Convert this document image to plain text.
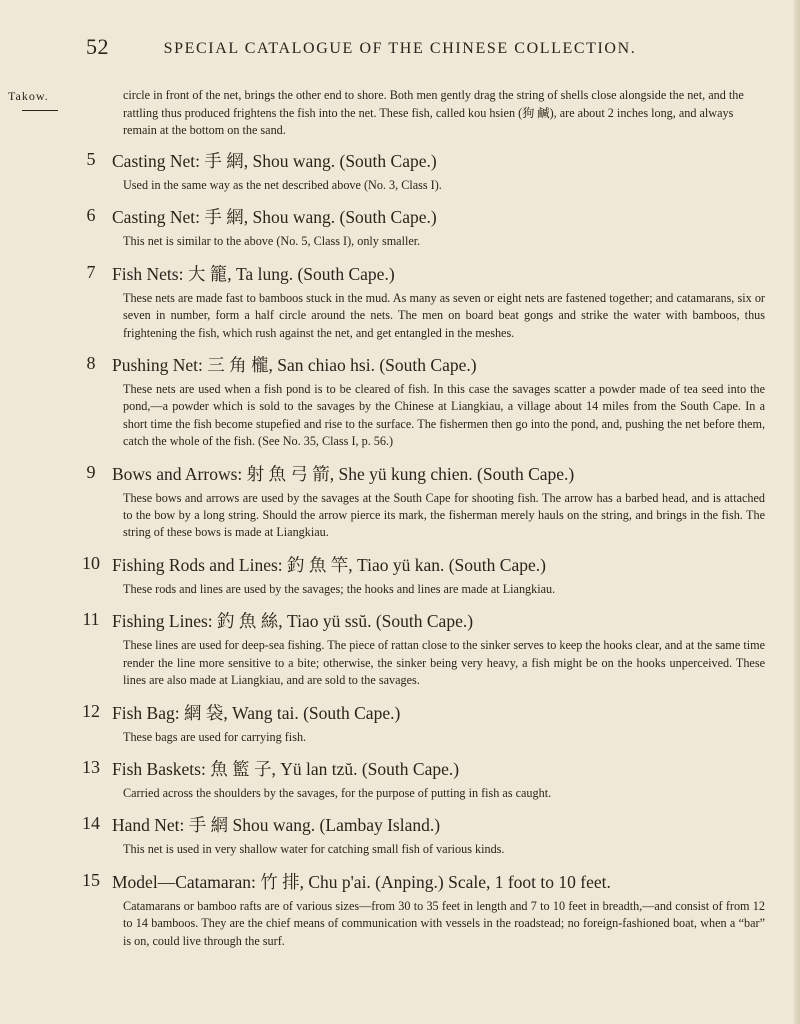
52	SPECIAL CATALOGUE OF THE CHINESE COLLECTION.
Takow.	circle in front of the net, brings the other end to shore. Both men gently drag the string of shells close alongside the net, and the rattling thus produced frightens the fish into the net. These fish, called kou hsien (狗 鹹), are about 2 inches long, and always remain at the bottom on the sand.
5 Casting Net: 手 網, Shou wang. (South Cape.)
Used in the same way as the net described above (No. 3, Class I).
6 Casting Net: 手 網, Shou wang. (South Cape.)
This net is similar to the above (No. 5, Class I), only smaller.
7 Fish Nets: 大 籠, Ta lung. (South Cape.)
These nets are made fast to bamboos stuck in the mud. As many as seven or eight nets are fastened together; and catamarans, six or seven in number, form a half circle around the nets. The men on board beat gongs and strike the water with bamboos, thus frightening the fish, which rush against the net, and get entangled in the meshes.
8 Pushing Net: 三 角 櫳, San chiao hsi. (South Cape.)
These nets are used when a fish pond is to be cleared of fish. In this case the savages scatter a powder made of tea seed into the pond,—a powder which is sold to the savages by the Chinese at Liangkiau, a village about 14 miles from the South Cape. In a short time the fish become stupefied and rise to the surface. The fishermen then go into the pond, and, pushing the net before them, catch the whole of the fish. (See No. 35, Class I, p. 56.)
9 Bows and Arrows: 射 魚 弓 箭, She yü kung chien. (South Cape.)
These bows and arrows are used by the savages at the South Cape for shooting fish. The arrow has a barbed head, and is attached to the bow by a long string. Should the arrow pierce its mark, the fisherman merely hauls on the string, and brings in the fish. The string of these bows is made at Liangkiau.
10 Fishing Rods and Lines: 釣 魚 竿, Tiao yü kan. (South Cape.)
These rods and lines are used by the savages; the hooks and lines are made at Liangkiau.
11 Fishing Lines: 釣 魚 絲, Tiao yü ssŭ. (South Cape.)
These lines are used for deep-sea fishing. The piece of rattan close to the sinker serves to keep the hooks clear, and at the same time render the line more sensitive to a bite; otherwise, the sinker being very heavy, a fish might be on the hooks unperceived. These lines are also made at Liangkiau, and are sold to the savages.
12 Fish Bag: 網 袋, Wang tai. (South Cape.)
These bags are used for carrying fish.
13 Fish Baskets: 魚 籃 子, Yü lan tzŭ. (South Cape.)
Carried across the shoulders by the savages, for the purpose of putting in fish as caught.
14 Hand Net: 手 網 Shou wang. (Lambay Island.)
This net is used in very shallow water for catching small fish of various kinds.
15 Model—Catamaran: 竹 排, Chu p'ai. (Anping.) Scale, 1 foot to 10 feet.
Catamarans or bamboo rafts are of various sizes—from 30 to 35 feet in length and 7 to 10 feet in breadth,—and consist of from 12 to 14 bamboos. They are the chief means of communication with vessels in the roadstead; no foreign-fashioned boat, when a “bar” is on, could live through the surf.
